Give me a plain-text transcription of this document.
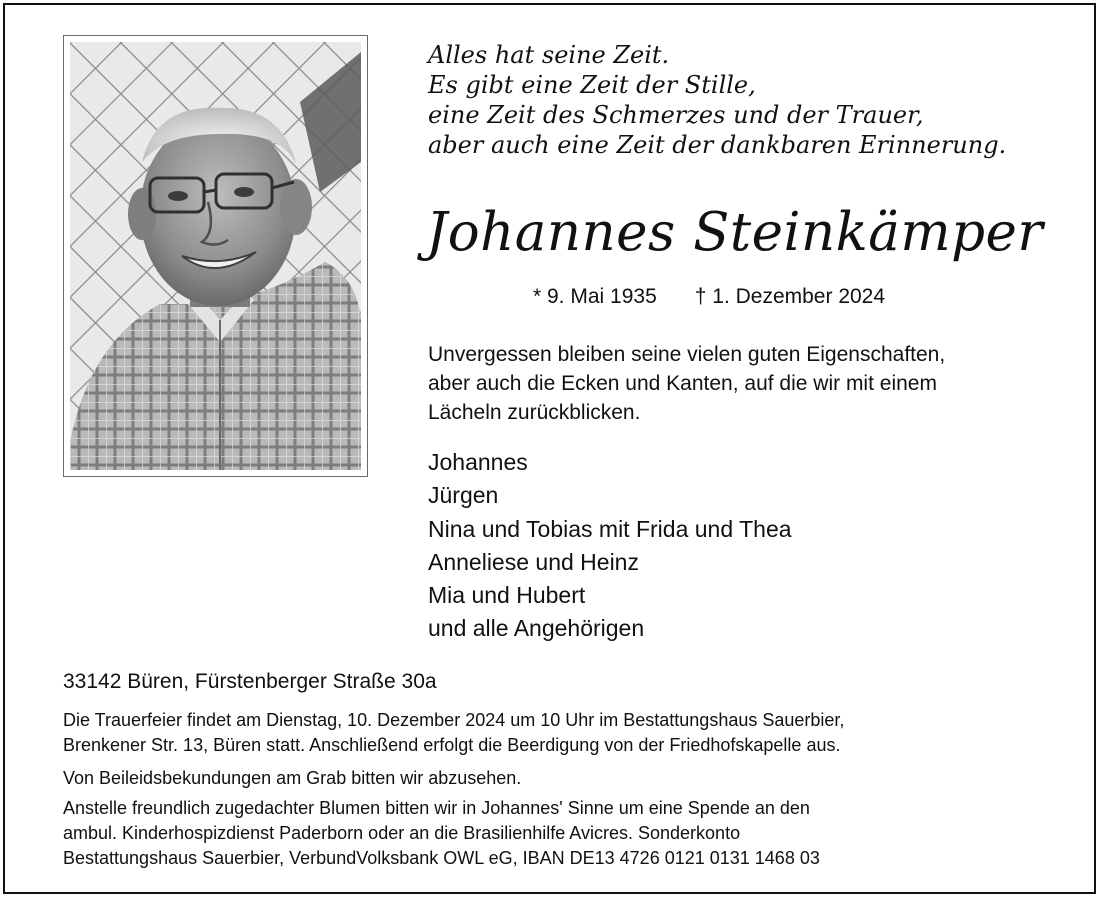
Alles hat seine Zeit.
Es gibt eine Zeit der Stille,
eine Zeit des Schmerzes und der Trauer,
aber auch eine Zeit der dankbaren Erinnerung.
Johannes Steinkämper
* 9. Mai 1935 † 1. Dezember 2024
Unvergessen bleiben seine vielen guten Eigenschaften,
aber auch die Ecken und Kanten, auf die wir mit einem
Lächeln zurückblicken.
Johannes
Jürgen
Nina und Tobias mit Frida und Thea
Anneliese und Heinz
Mia und Hubert
und alle Angehörigen
33142 Büren, Fürstenberger Straße 30a
Die Trauerfeier findet am Dienstag, 10. Dezember 2024 um 10 Uhr im Bestattungshaus Sauerbier,
Brenkener Str. 13, Büren statt. Anschließend erfolgt die Beerdigung von der Friedhofskapelle aus.
Von Beileidsbekundungen am Grab bitten wir abzusehen.
Anstelle freundlich zugedachter Blumen bitten wir in Johannes' Sinne um eine Spende an den
ambul. Kinderhospizdienst Paderborn oder an die Brasilienhilfe Avicres. Sonderkonto
Bestattungshaus Sauerbier, VerbundVolksbank OWL eG, IBAN DE13 4726 0121 0131 1468 03
